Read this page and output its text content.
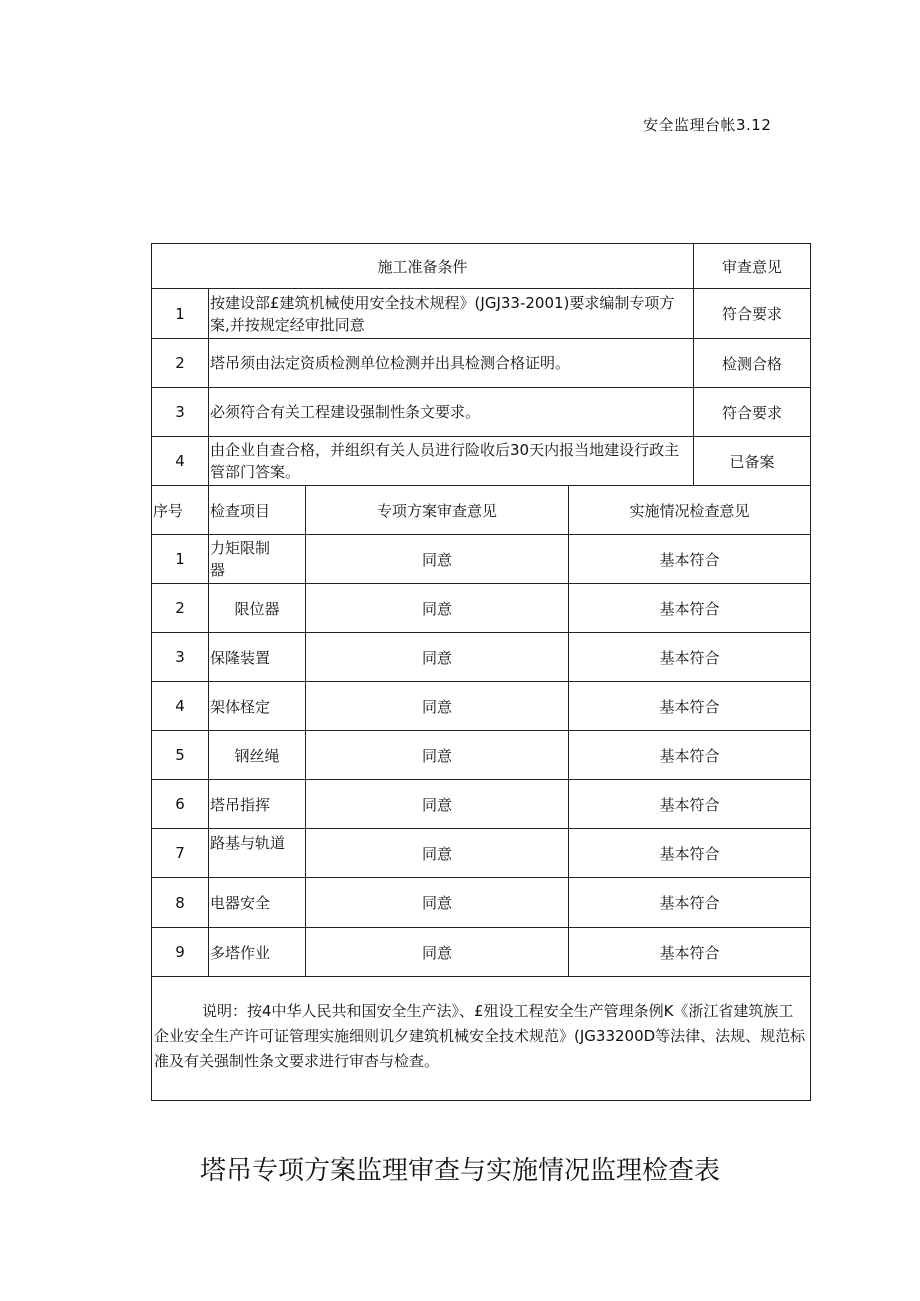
安全监理台帐3.12
施工准备条件				审查意见
1	按建设部£建筑机械使用安全技术规程》(JGJ33-2001)要求编制专项方案,并按规定经审批同意			符合要求
2	塔吊须由法定资质检测单位检测并出具检测合格证明。			检测合格
3	必须符合有关工程建设强制性条文要求。			符合要求
4	由企业自查合格，并组织有关人员进行险收后30天内报当地建设行政主管部门答案。			已备案
序号	检查项目	专项方案审查意见	实施情况检查意见	
1	力矩限制器	同意	基本符合	
2	限位器	同意	基本符合	
3	保隆装置	同意	基本符合	
4	架体柽定	同意	基本符合	
5	钢丝绳	同意	基本符合	
6	塔吊指挥	同意	基本符合	
7	路基与轨道	同意	基本符合	
8	电器安全	同意	基本符合	
9	多塔作业	同意	基本符合	

说明：按4中华人民共和国安全生产法》、£殂设工程安全生产管理条例K《浙江省建筑族工企业安全生产许可证管理实施细则讥夕建筑机械安全技术规范》(JG33200D等法律、法规、规范标准及有关强制性条文要求进行审杳与检查。				
塔吊专项方案监理审查与实施情况监理检查表
